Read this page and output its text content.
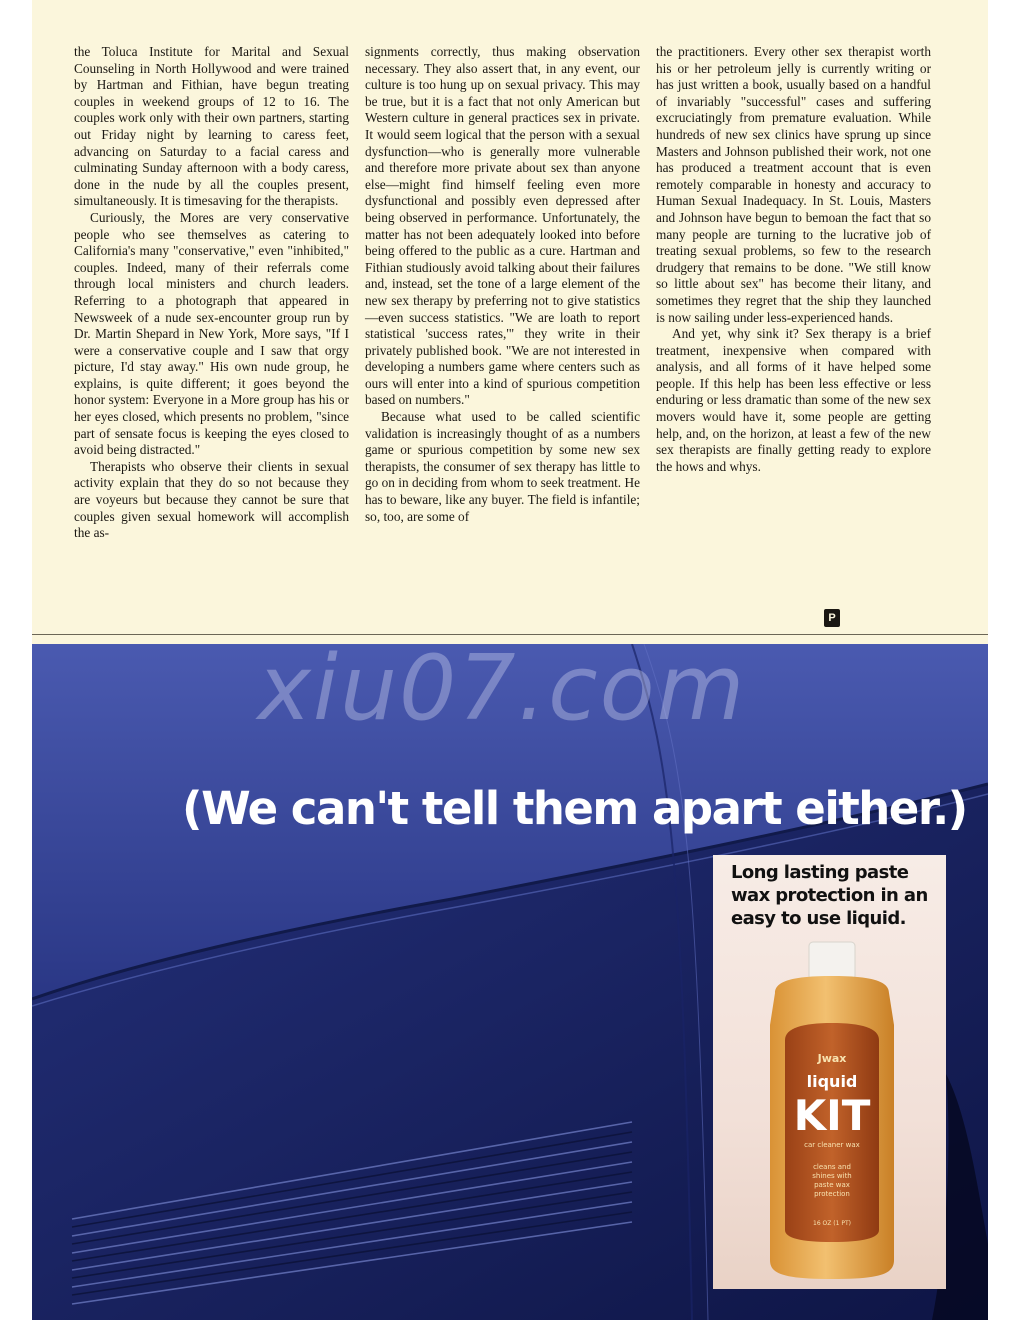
the Toluca Institute for Marital and Sexual Counseling in North Hollywood and were trained by Hartman and Fithian, have begun treating couples in weekend groups of 12 to 16. The couples work only with their own partners, starting out Friday night by learning to caress feet, advancing on Saturday to a facial caress and culminating Sunday afternoon with a body caress, done in the nude by all the couples present, simultaneously. It is timesaving for the therapists.

Curiously, the Mores are very conservative people who see themselves as catering to California's many "conservative," even "inhibited," couples. Indeed, many of their referrals come through local ministers and church leaders. Referring to a photograph that appeared in Newsweek of a nude sex-encounter group run by Dr. Martin Shepard in New York, More says, "If I were a conservative couple and I saw that orgy picture, I'd stay away." His own nude group, he explains, is quite different; it goes beyond the honor system: Everyone in a More group has his or her eyes closed, which presents no problem, "since part of sensate focus is keeping the eyes closed to avoid being distracted."

Therapists who observe their clients in sexual activity explain that they do so not because they are voyeurs but because they cannot be sure that couples given sexual homework will accomplish the as-

signments correctly, thus making observation necessary. They also assert that, in any event, our culture is too hung up on sexual privacy. This may be true, but it is a fact that not only American but Western culture in general practices sex in private. It would seem logical that the person with a sexual dysfunction—who is generally more vulnerable and therefore more private about sex than anyone else—might find himself feeling even more dysfunctional and possibly even depressed after being observed in performance. Unfortunately, the matter has not been adequately looked into before being offered to the public as a cure. Hartman and Fithian studiously avoid talking about their failures and, instead, set the tone of a large element of the new sex therapy by preferring not to give statistics—even success statistics. "We are loath to report statistical 'success rates,'" they write in their privately published book. "We are not interested in developing a numbers game where centers such as ours will enter into a kind of spurious competition based on numbers."

Because what used to be called scientific validation is increasingly thought of as a numbers game or spurious competition by some new sex therapists, the consumer of sex therapy has little to go on in deciding from whom to seek treatment. He has to beware, like any buyer. The field is infantile; so, too, are some of

the practitioners. Every other sex therapist worth his or her petroleum jelly is currently writing or has just written a book, usually based on a handful of invariably "successful" cases and suffering excruciatingly from premature evaluation. While hundreds of new sex clinics have sprung up since Masters and Johnson published their work, not one has produced a treatment account that is even remotely comparable in honesty and accuracy to Human Sexual Inadequacy. In St. Louis, Masters and Johnson have begun to bemoan the fact that so many people are turning to the lucrative job of treating sexual problems, so few to the research drudgery that remains to be done. "We still know so little about sex" has become their litany, and sometimes they regret that the ship they launched is now sailing under less-experienced hands.

And yet, why sink it? Sex therapy is a brief treatment, inexpensive when compared with analysis, and all forms of it have helped some people. If this help has been less effective or less enduring or less dramatic than some of the new sex movers would have it, some people are getting help, and, on the horizon, at least a few of the new sex therapists are finally getting ready to explore the hows and whys.

P
xiu07.com
(We can't tell them apart either.)
Long lasting paste wax protection in an easy to use liquid.
Jwax
liquid
KIT
car cleaner wax
cleans and
shines with
paste wax
protection
16 OZ (1 PT)
